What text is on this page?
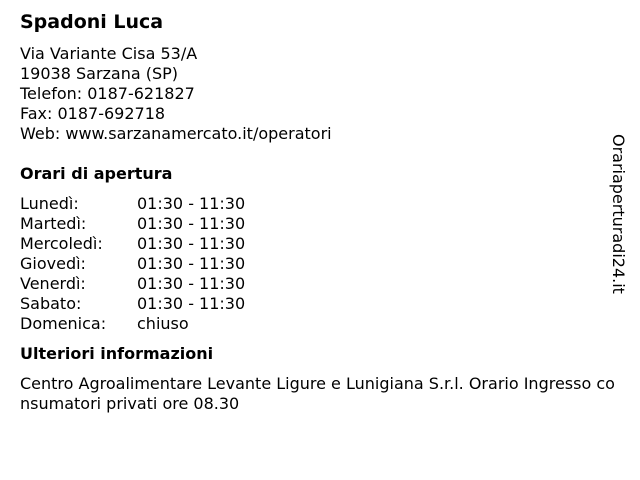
Spadoni Luca
Via Variante Cisa 53/A
19038 Sarzana (SP)
Telefon: 0187-621827
Fax: 0187-692718
Web: www.sarzanamercato.it/operatori
Orari di apertura
Lunedì:	01:30 - 11:30
Martedì:	01:30 - 11:30
Mercoledì:	01:30 - 11:30
Giovedì:	01:30 - 11:30
Venerdì:	01:30 - 11:30
Sabato:	01:30 - 11:30
Domenica:	chiuso
Ulteriori informazioni
Centro Agroalimentare Levante Ligure e Lunigiana S.r.l. Orario Ingresso consumatori privati ore 08.30
Orariaperturadi24.it
